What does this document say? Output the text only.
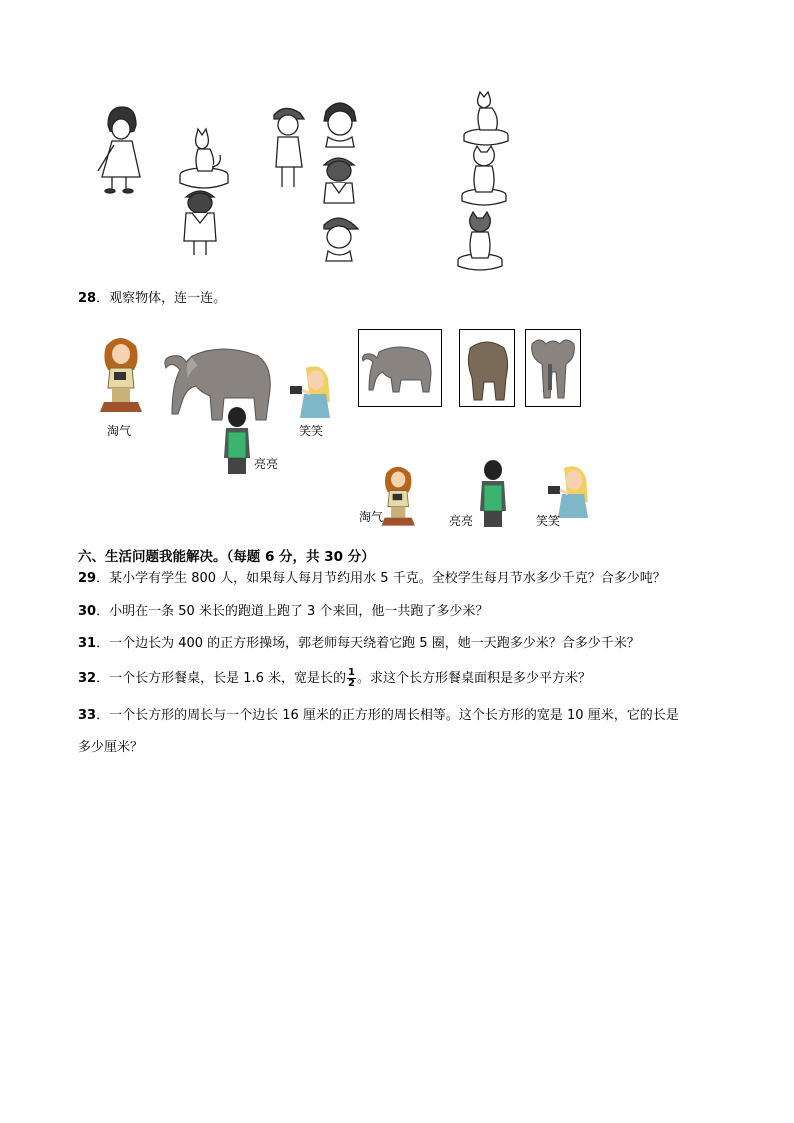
28．观察物体，连一连。
淘气
亮亮
笑笑
淘气	亮亮	笑笑
六、生活问题我能解决。（每题 6 分，共 30 分）
29．某小学有学生 800 人，如果每人每月节约用水 5 千克。全校学生每月节水多少千克？合多少吨？
30．小明在一条 50 米长的跑道上跑了 3 个来回，他一共跑了多少米？
31．一个边长为 400 的正方形操场，郭老师每天绕着它跑 5 圈，她一天跑多少米？合多少千米？
32．一个长方形餐桌，长是 1.6 米，宽是长的 $\frac{1}{2}$ 。求这个长方形餐桌面积是多少平方米？
33．一个长方形的周长与一个边长 16 厘米的正方形的周长相等。这个长方形的宽是 10 厘米，它的长是
多少厘米？
